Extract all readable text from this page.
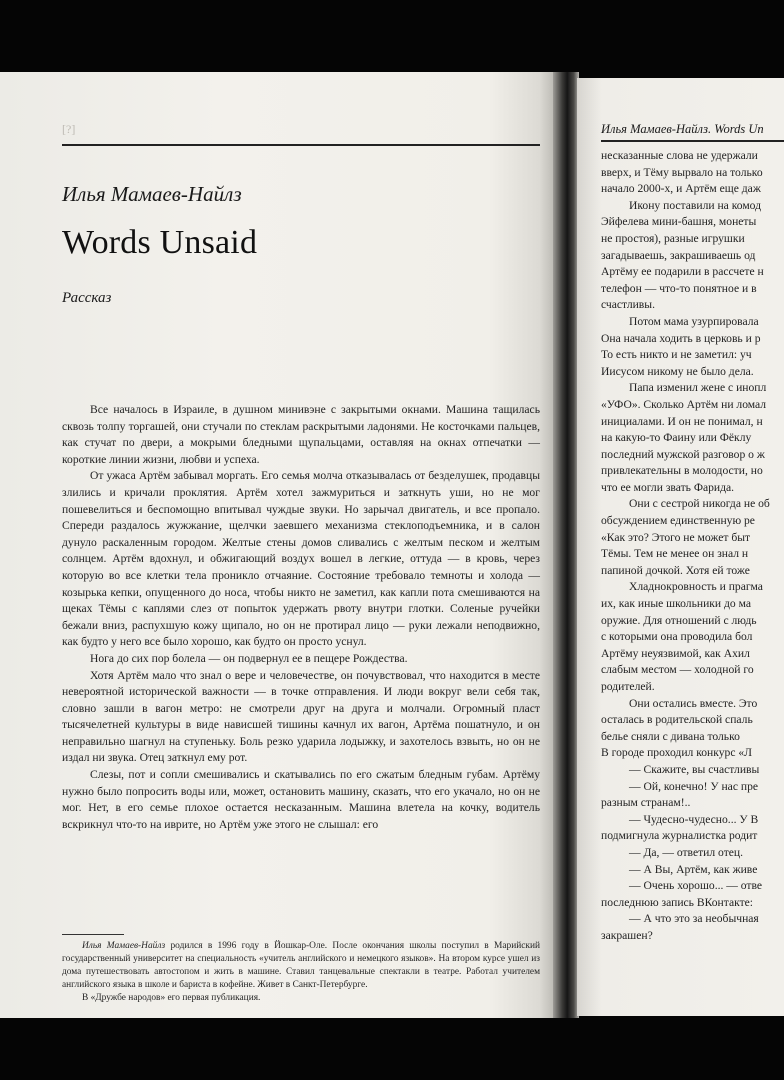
[?]
Илья Мамаев-Найлз
Words Unsaid
Рассказ

Все началось в Израиле, в душном минивэне с закрытыми окнами. Машина тащилась сквозь толпу торгашей, они стучали по стеклам раскрытыми ладонями. Не косточками пальцев, как стучат по двери, а мокрыми бледными щупальцами, оставляя на окнах отпечатки — короткие линии жизни, любви и успеха.

От ужаса Артём забывал моргать. Его семья молча отказывалась от безделушек, продавцы злились и кричали проклятия. Артём хотел зажмуриться и заткнуть уши, но не мог пошевелиться и беспомощно впитывал чуждые звуки. Но зарычал двигатель, и все пропало. Спереди раздалось жужжание, щелчки заевшего механизма стеклоподъемника, и в салон дунуло раскаленным городом. Желтые стены домов сливались с желтым песком и желтым солнцем. Артём вдохнул, и обжигающий воздух вошел в легкие, оттуда — в кровь, через которую во все клетки тела проникло отчаяние. Состояние требовало темноты и холода — козырька кепки, опущенного до носа, чтобы никто не заметил, как капли пота смешиваются на щеках Тёмы с каплями слез от попыток удержать рвоту внутри глотки. Соленые ручейки бежали вниз, распухшую кожу щипало, но он не протирал лицо — руки лежали неподвижно, как будто у него все было хорошо, как будто он просто уснул.

Нога до сих пор болела — он подвернул ее в пещере Рождества.

Хотя Артём мало что знал о вере и человечестве, он почувствовал, что находится в месте невероятной исторической важности — в точке отправления. И люди вокруг вели себя так, словно зашли в вагон метро: не смотрели друг на друга и молчали. Огромный пласт тысячелетней культуры в виде нависшей тишины качнул их вагон, Артёма пошатнуло, и он неправильно шагнул на ступеньку. Боль резко ударила лодыжку, и захотелось взвыть, но он не издал ни звука. Отец заткнул ему рот.

Слезы, пот и сопли смешивались и скатывались по его сжатым бледным губам. Артёму нужно было попросить воды или, может, остановить машину, сказать, что его укачало, но он не мог. Нет, в его семье плохое остается несказанным. Машина влетела на кочку, водитель вскрикнул что-то на иврите, но Артём уже этого не слышал: его

Илья Мамаев-Найлз родился в 1996 году в Йошкар-Оле. После окончания школы поступил в Марийский государственный университет на специальность «учитель английского и немецкого языков». На втором курсе ушел из дома путешествовать автостопом и жить в машине. Ставил танцевальные спектакли в театре. Работал учителем английского языка в школе и бариста в кофейне. Живет в Санкт-Петербурге.

В «Дружбе народов» его первая публикация.

Илья Мамаев-Найлз. Words Un
несказанные слова не удержали
вверх, и Тёму вырвало на только
начало 2000-х, и Артём еще даж
Икону поставили на комод
Эйфелева мини-башня, монеты
не простоя), разные игрушки
загадываешь, закрашиваешь од
Артёму ее подарили в рассчете н
телефон — что-то понятное и в
счастливы.
Потом мама узурпировала
Она начала ходить в церковь и р
То есть никто и не заметил: уч
Иисусом никому не было дела.
Папа изменил жене с инопл
«УФО». Сколько Артём ни ломал
инициалами. И он не понимал, н
на какую-то Фаину или Фёклу
последний мужской разговор о ж
привлекательны в молодости, но
что ее могли звать Фарида.
Они с сестрой никогда не об
обсуждением единственную ре
«Как это? Этого не может быт
Тёмы. Тем не менее он знал н
папиной дочкой. Хотя ей тоже
Хладнокровность и прагма
их, как иные школьники до ма
оружие. Для отношений с людь
с которыми она проводила бол
Артёму неуязвимой, как Ахил
слабым местом — холодной го
родителей.
Они остались вместе. Это
осталась в родительской спаль
белье сняли с дивана только
В городе проходил конкурс «Л
— Скажите, вы счастливы
— Ой, конечно! У нас пре
разным странам!..
— Чудесно-чудесно... У В
подмигнула журналистка родит
— Да, — ответил отец.
— А Вы, Артём, как живе
— Очень хорошо... — отве
последнюю запись ВКонтакте:
— А что это за необычная
закрашен?
